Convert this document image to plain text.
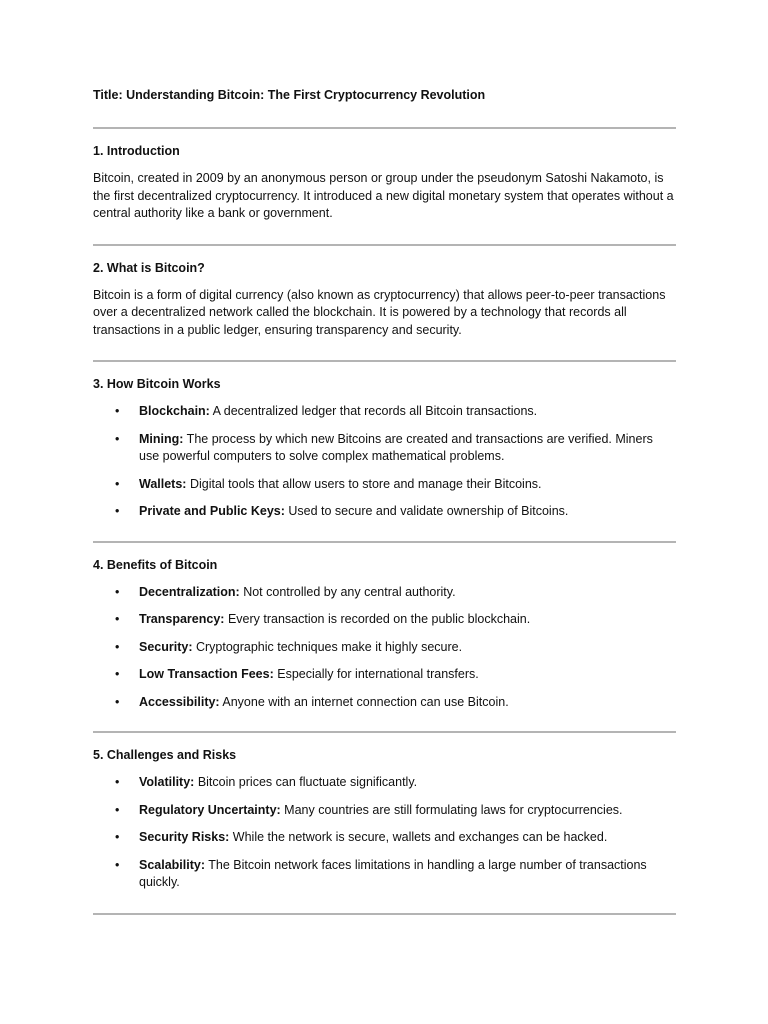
Title: Understanding Bitcoin: The First Cryptocurrency Revolution

1. Introduction

Bitcoin, created in 2009 by an anonymous person or group under the pseudonym Satoshi Nakamoto, is the first decentralized cryptocurrency. It introduced a new digital monetary system that operates without a central authority like a bank or government.

2. What is Bitcoin?

Bitcoin is a form of digital currency (also known as cryptocurrency) that allows peer-to-peer transactions over a decentralized network called the blockchain. It is powered by a technology that records all transactions in a public ledger, ensuring transparency and security.

3. How Bitcoin Works

• Blockchain: A decentralized ledger that records all Bitcoin transactions.
• Mining: The process by which new Bitcoins are created and transactions are verified. Miners use powerful computers to solve complex mathematical problems.
• Wallets: Digital tools that allow users to store and manage their Bitcoins.
• Private and Public Keys: Used to secure and validate ownership of Bitcoins.

4. Benefits of Bitcoin

• Decentralization: Not controlled by any central authority.
• Transparency: Every transaction is recorded on the public blockchain.
• Security: Cryptographic techniques make it highly secure.
• Low Transaction Fees: Especially for international transfers.
• Accessibility: Anyone with an internet connection can use Bitcoin.

5. Challenges and Risks

• Volatility: Bitcoin prices can fluctuate significantly.
• Regulatory Uncertainty: Many countries are still formulating laws for cryptocurrencies.
• Security Risks: While the network is secure, wallets and exchanges can be hacked.
• Scalability: The Bitcoin network faces limitations in handling a large number of transactions quickly.
